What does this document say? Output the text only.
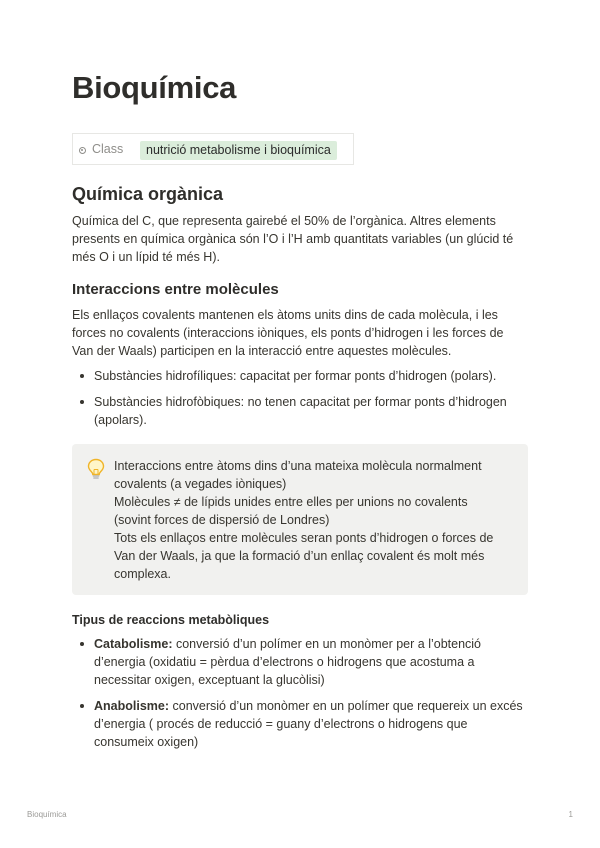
Bioquímica
Class	nutrició metabolisme i bioquímica
Química orgànica

Química del C, que representa gairebé el 50% de l’orgànica. Altres elements presents en química orgànica són l’O i l’H amb quantitats variables (un glúcid té més O i un lípid té més H).

Interaccions entre molècules

Els enllaços covalents mantenen els àtoms units dins de cada molècula, i les forces no covalents (interaccions iòniques, els ponts d’hidrogen i les forces de Van der Waals) participen en la interacció entre aquestes molècules.

Substàncies hidrofíliques: capacitat per formar ponts d’hidrogen (polars).
Substàncies hidrofòbiques: no tenen capacitat per formar ponts d’hidrogen (apolars).
Interaccions entre àtoms dins d’una mateixa molècula normalment covalents (a vegades iòniques)
Molècules ≠ de lípids unides entre elles per unions no covalents (sovint forces de dispersió de Londres)
Tots els enllaços entre molècules seran ponts d’hidrogen o forces de Van der Waals, ja que la formació d’un enllaç covalent és molt més complexa.
Tipus de reaccions metabòliques
Catabolisme: conversió d’un polímer en un monòmer per a l’obtenció d’energia (oxidatiu = pèrdua d’electrons o hidrogens que acostuma a necessitar oxigen, exceptuant la glucòlisi)
Anabolisme: conversió d’un monòmer en un polímer que requereix un excés d’energia ( procés de reducció = guany d’electrons o hidrogens que consumeix oxigen)
Bioquímica	1
